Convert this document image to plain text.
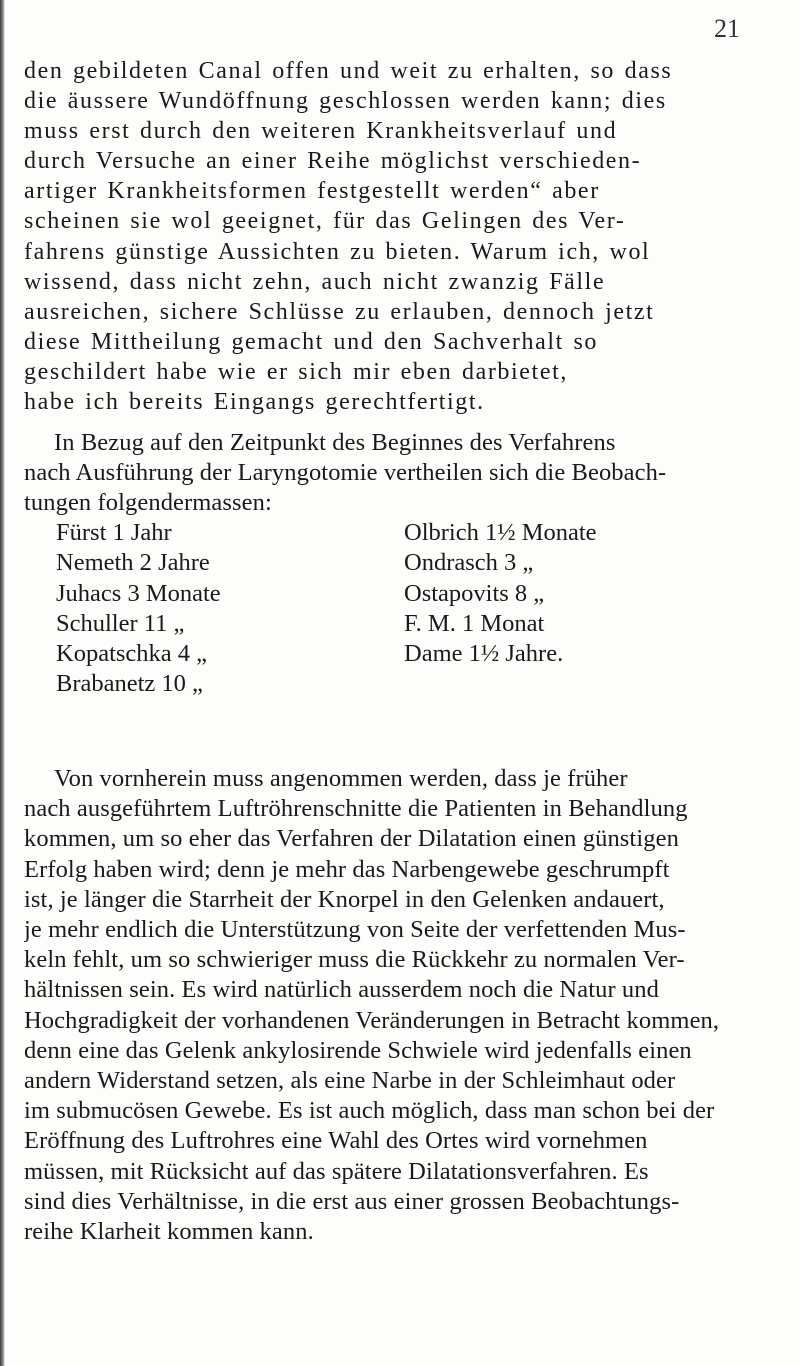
21
den gebildeten Canal offen und weit zu erhalten, so dass
die äussere Wundöffnung geschlossen werden kann; dies
muss erst durch den weiteren Krankheitsverlauf und
durch Versuche an einer Reihe möglichst verschieden-
artiger Krankheitsformen festgestellt werden“ aber
scheinen sie wol geeignet, für das Gelingen des Ver-
fahrens günstige Aussichten zu bieten. Warum ich, wol
wissend, dass nicht zehn, auch nicht zwanzig Fälle
ausreichen, sichere Schlüsse zu erlauben, dennoch jetzt
diese Mittheilung gemacht und den Sachverhalt so
geschildert habe wie er sich mir eben darbietet,
habe ich bereits Eingangs gerechtfertigt.
In Bezug auf den Zeitpunkt des Beginnes des Verfahrens
nach Ausführung der Laryngotomie vertheilen sich die Beobach-
tungen folgendermassen:
Fürst 1 Jahr
Nemeth 2 Jahre
Juhacs 3 Monate
Schuller 11 „
Kopatschka 4 „
Brabanetz 10 „
Olbrich 1½ Monate
Ondrasch 3 „
Ostapovits 8 „
F. M. 1 Monat
Dame 1½ Jahre.
Von vornherein muss angenommen werden, dass je früher
nach ausgeführtem Luftröhrenschnitte die Patienten in Behandlung
kommen, um so eher das Verfahren der Dilatation einen günstigen
Erfolg haben wird; denn je mehr das Narbengewebe geschrumpft
ist, je länger die Starrheit der Knorpel in den Gelenken andauert,
je mehr endlich die Unterstützung von Seite der verfettenden Mus-
keln fehlt, um so schwieriger muss die Rückkehr zu normalen Ver-
hältnissen sein. Es wird natürlich ausserdem noch die Natur und
Hochgradigkeit der vorhandenen Veränderungen in Betracht kommen,
denn eine das Gelenk ankylosirende Schwiele wird jedenfalls einen
andern Widerstand setzen, als eine Narbe in der Schleimhaut oder
im submucösen Gewebe. Es ist auch möglich, dass man schon bei der
Eröffnung des Luftrohres eine Wahl des Ortes wird vornehmen
müssen, mit Rücksicht auf das spätere Dilatationsverfahren. Es
sind dies Verhältnisse, in die erst aus einer grossen Beobachtungs-
reihe Klarheit kommen kann.
